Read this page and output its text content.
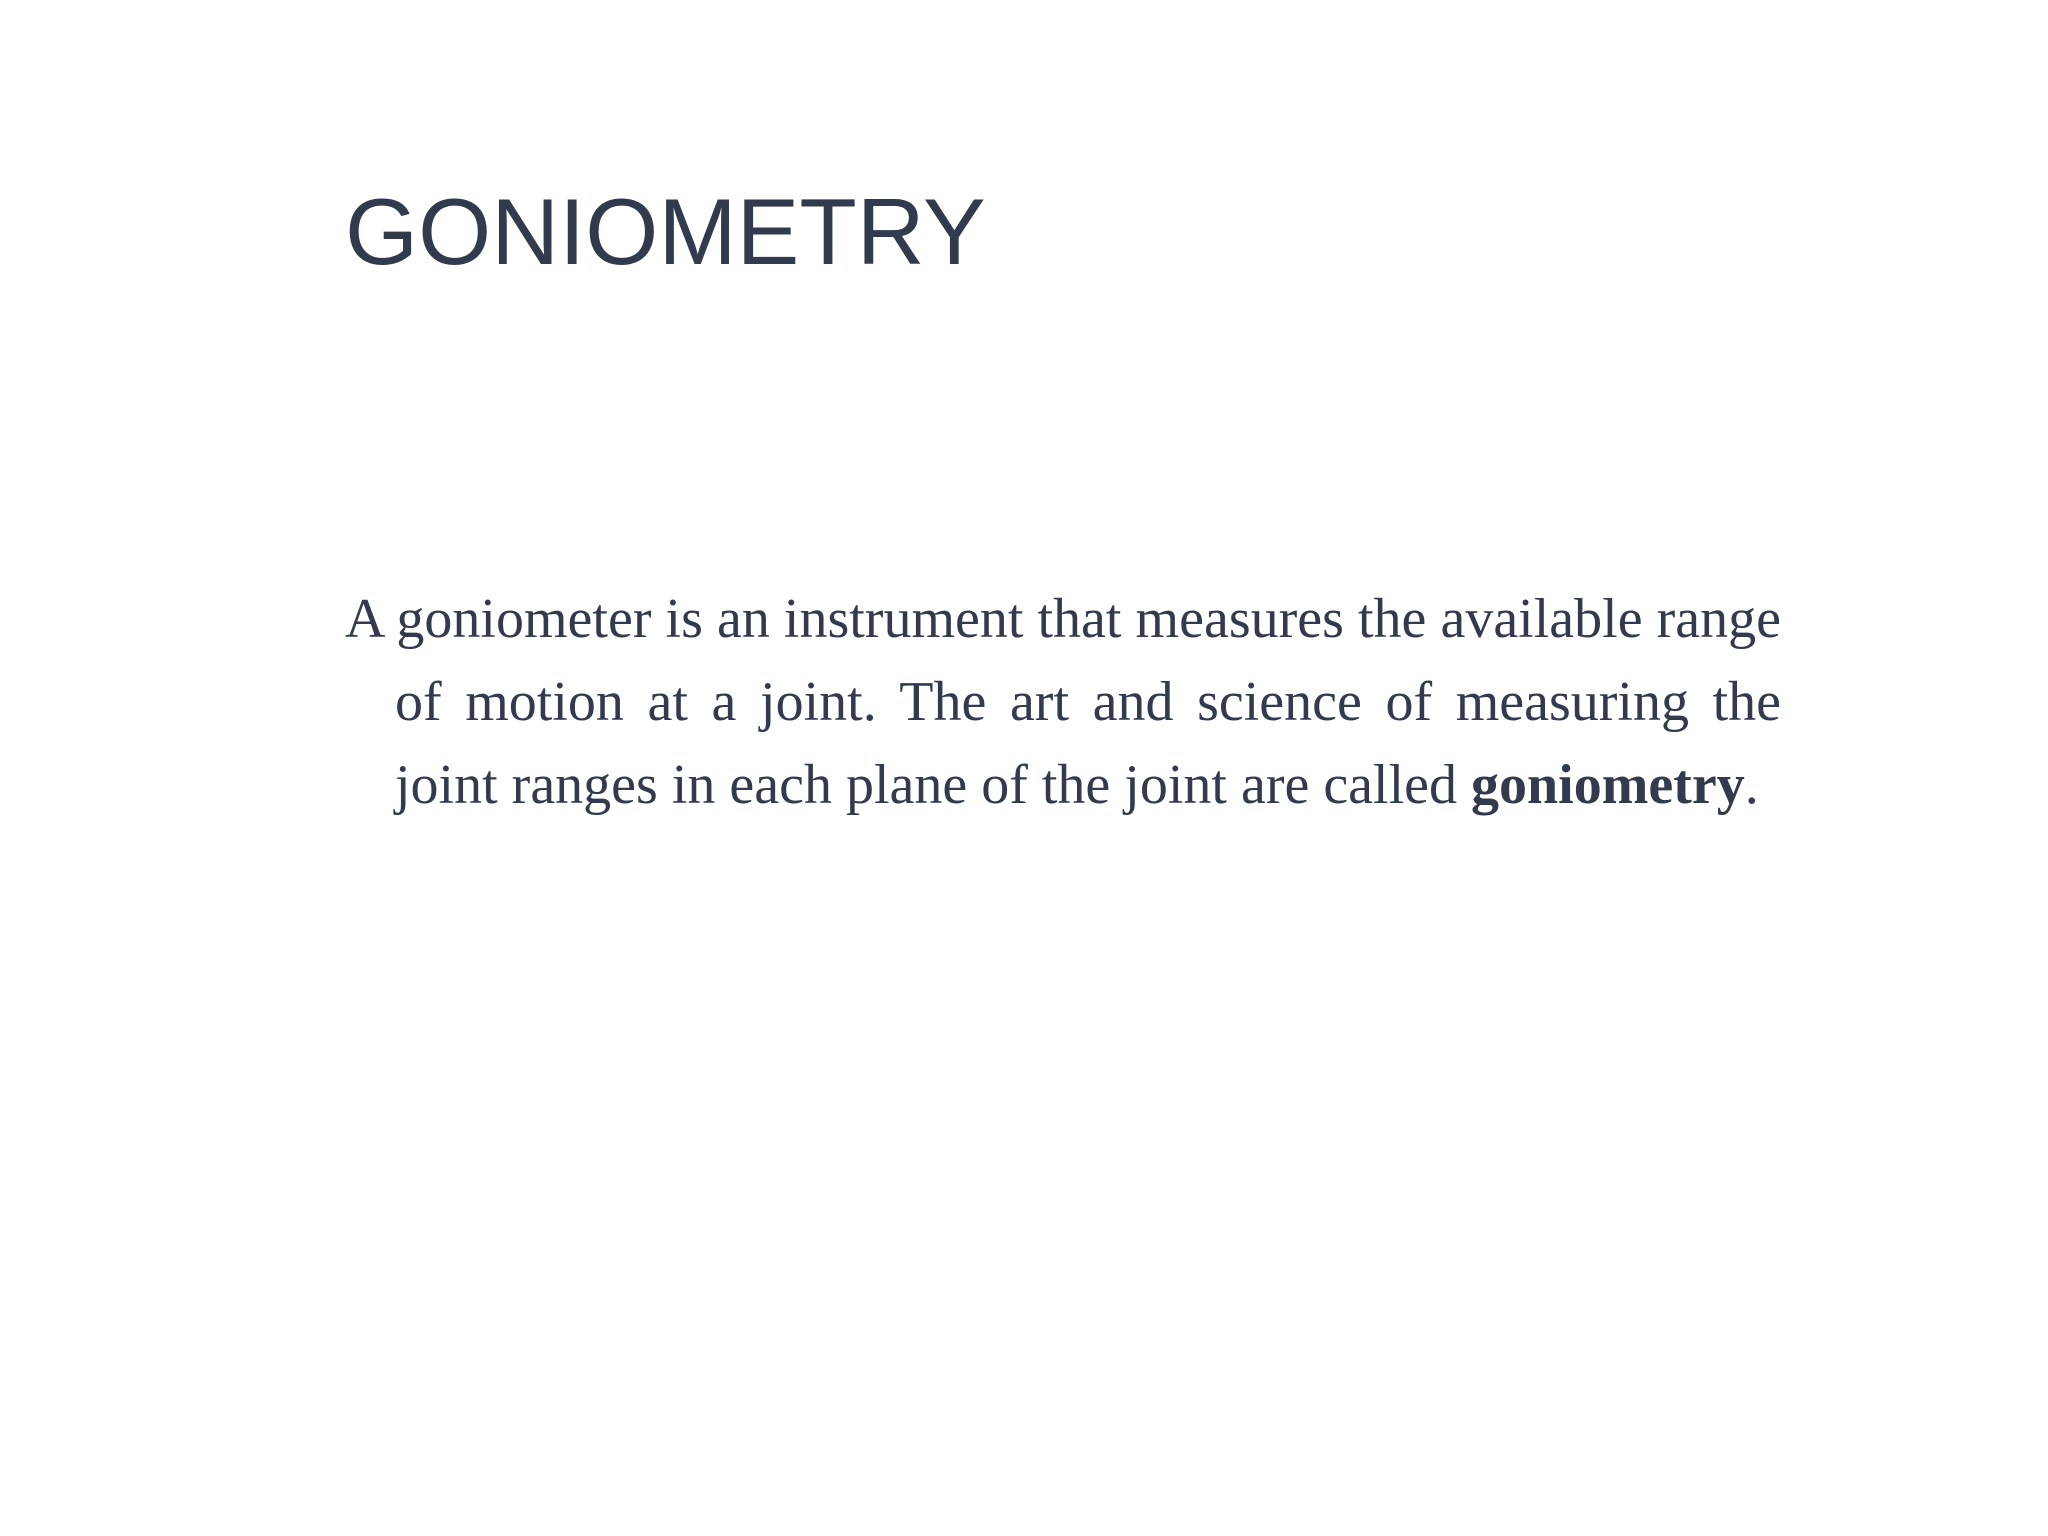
GONIOMETRY

A goniometer is an instrument that measures the available range of motion at a joint. The art and science of measuring the joint ranges in each plane of the joint are called goniometry.
